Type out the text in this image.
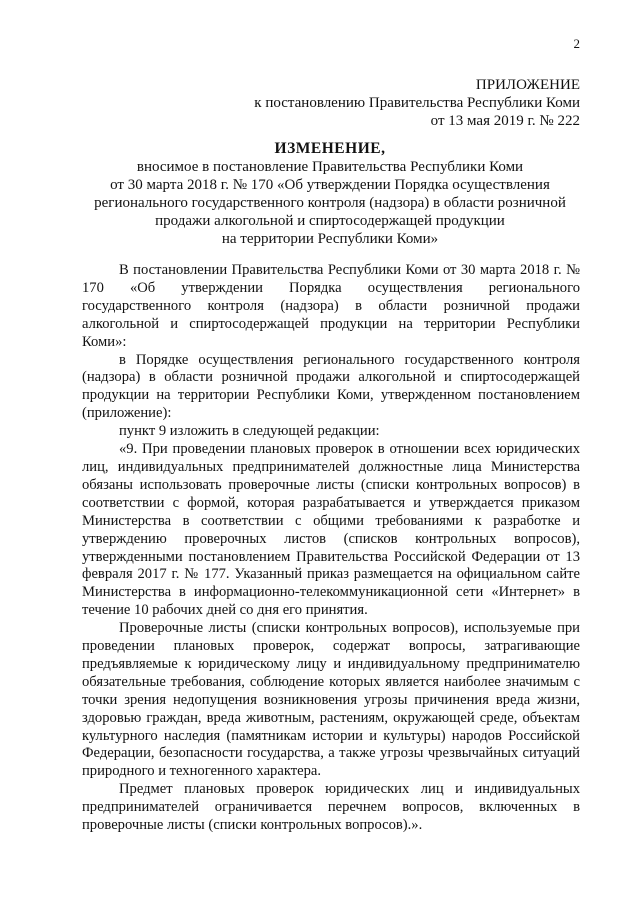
2
ПРИЛОЖЕНИЕ
к постановлению Правительства Республики Коми
от 13 мая 2019 г. № 222
ИЗМЕНЕНИЕ,
вносимое в постановление Правительства Республики Коми
от 30 марта 2018 г. № 170 «Об утверждении Порядка осуществления
регионального государственного контроля (надзора) в области розничной
продажи алкогольной и спиртосодержащей продукции
на территории Республики Коми»

В постановлении Правительства Республики Коми от 30 марта 2018 г. № 170 «Об утверждении Порядка осуществления регионального государственного контроля (надзора) в области розничной продажи алкогольной и спиртосодержащей продукции на территории Республики Коми»:

в Порядке осуществления регионального государственного контроля (надзора) в области розничной продажи алкогольной и спиртосодержащей продукции на территории Республики Коми, утвержденном постановлением (приложение):

пункт 9 изложить в следующей редакции:

«9. При проведении плановых проверок в отношении всех юридических лиц, индивидуальных предпринимателей должностные лица Министерства обязаны использовать проверочные листы (списки контрольных вопросов) в соответствии с формой, которая разрабатывается и утверждается приказом Министерства в соответствии с общими требованиями к разработке и утверждению проверочных листов (списков контрольных вопросов), утвержденными постановлением Правительства Российской Федерации от 13 февраля 2017 г. № 177. Указанный приказ размещается на официальном сайте Министерства в информационно-телекоммуникационной сети «Интернет» в течение 10 рабочих дней со дня его принятия.

Проверочные листы (списки контрольных вопросов), используемые при проведении плановых проверок, содержат вопросы, затрагивающие предъявляемые к юридическому лицу и индивидуальному предпринимателю обязательные требования, соблюдение которых является наиболее значимым с точки зрения недопущения возникновения угрозы причинения вреда жизни, здоровью граждан, вреда животным, растениям, окружающей среде, объектам культурного наследия (памятникам истории и культуры) народов Российской Федерации, безопасности государства, а также угрозы чрезвычайных ситуаций природного и техногенного характера.

Предмет плановых проверок юридических лиц и индивидуальных предпринимателей ограничивается перечнем вопросов, включенных в проверочные листы (списки контрольных вопросов).».
